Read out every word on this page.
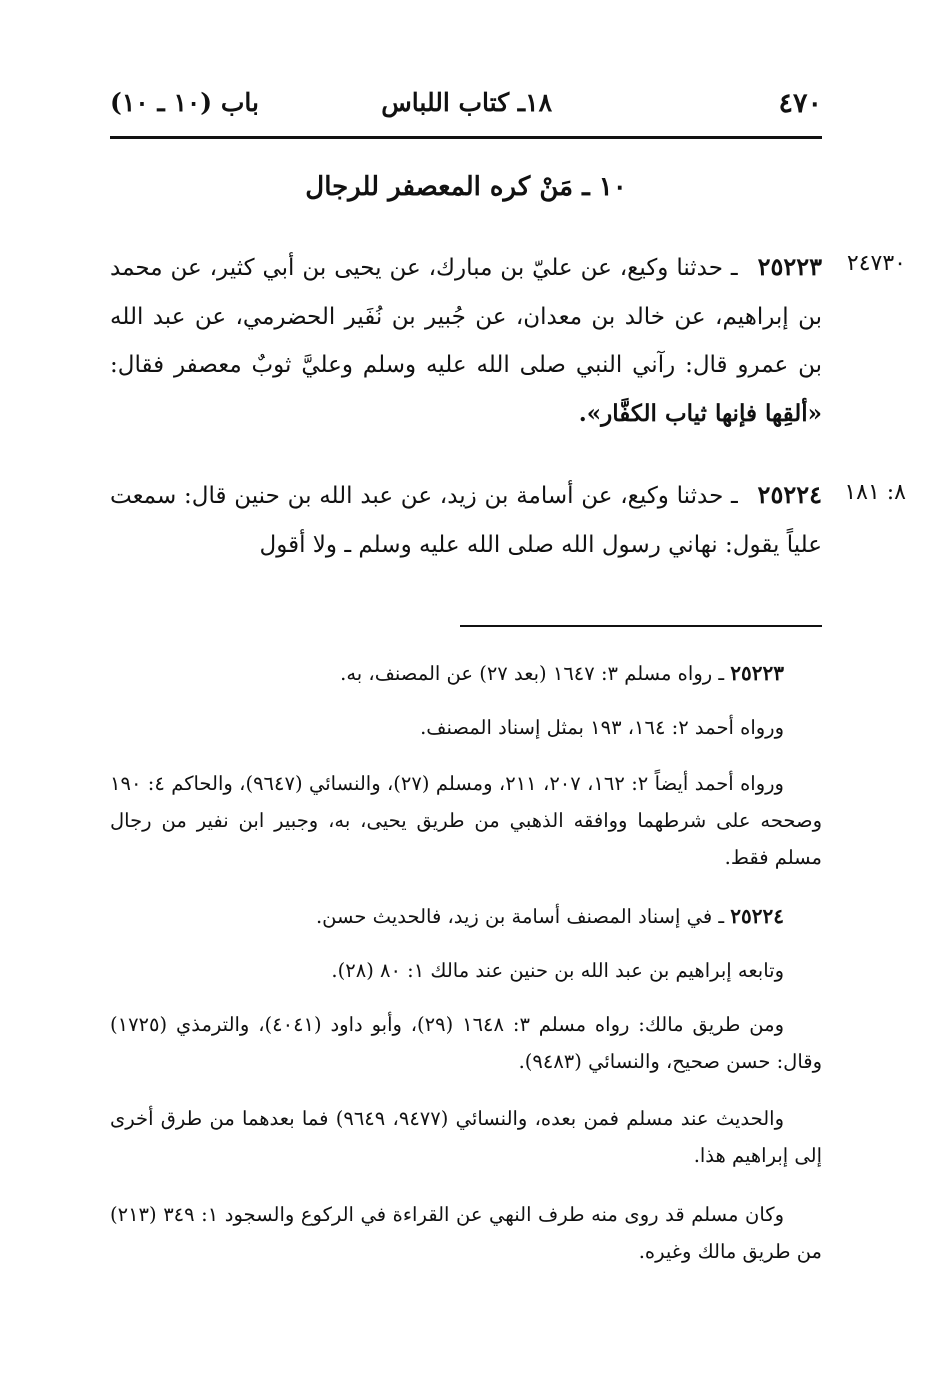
٤٧٠
١٨ـ كتاب اللباس
باب (١٠ ـ ١٠)
١٠ ـ مَنْ كره المعصفر للرجال
٢٤٧٣٠
٢٥٢٢٣ ـ حدثنا وكيع، عن عليّ بن مبارك، عن يحيى بن أبي كثير، عن محمد بن إبراهيم، عن خالد بن معدان، عن جُبير بن نُفَير الحضرمي، عن عبد الله بن عمرو قال: رآني النبي صلى الله عليه وسلم وعليَّ ثوبٌ معصفر فقال: «ألقِها فإنها ثياب الكفَّار».
٨: ١٨١
٢٥٢٢٤ ـ حدثنا وكيع، عن أسامة بن زيد، عن عبد الله بن حنين قال: سمعت علياً يقول: نهاني رسول الله صلى الله عليه وسلم ـ ولا أقول
٢٥٢٢٣ ـ رواه مسلم ٣: ١٦٤٧ (بعد ٢٧) عن المصنف، به.
ورواه أحمد ٢: ١٦٤، ١٩٣ بمثل إسناد المصنف.
ورواه أحمد أيضاً ٢: ١٦٢، ٢٠٧، ٢١١، ومسلم (٢٧)، والنسائي (٩٦٤٧)، والحاكم ٤: ١٩٠ وصححه على شرطهما ووافقه الذهبي من طريق يحيى، به، وجبير ابن نفير من رجال مسلم فقط.
٢٥٢٢٤ ـ في إسناد المصنف أسامة بن زيد، فالحديث حسن.
وتابعه إبراهيم بن عبد الله بن حنين عند مالك ١: ٨٠ (٢٨).
ومن طريق مالك: رواه مسلم ٣: ١٦٤٨ (٢٩)، وأبو داود (٤٠٤١)، والترمذي (١٧٢٥) وقال: حسن صحيح، والنسائي (٩٤٨٣).
والحديث عند مسلم فمن بعده، والنسائي (٩٤٧٧، ٩٦٤٩) فما بعدهما من طرق أخرى إلى إبراهيم هذا.
وكان مسلم قد روى منه طرف النهي عن القراءة في الركوع والسجود ١: ٣٤٩ (٢١٣) من طريق مالك وغيره.
